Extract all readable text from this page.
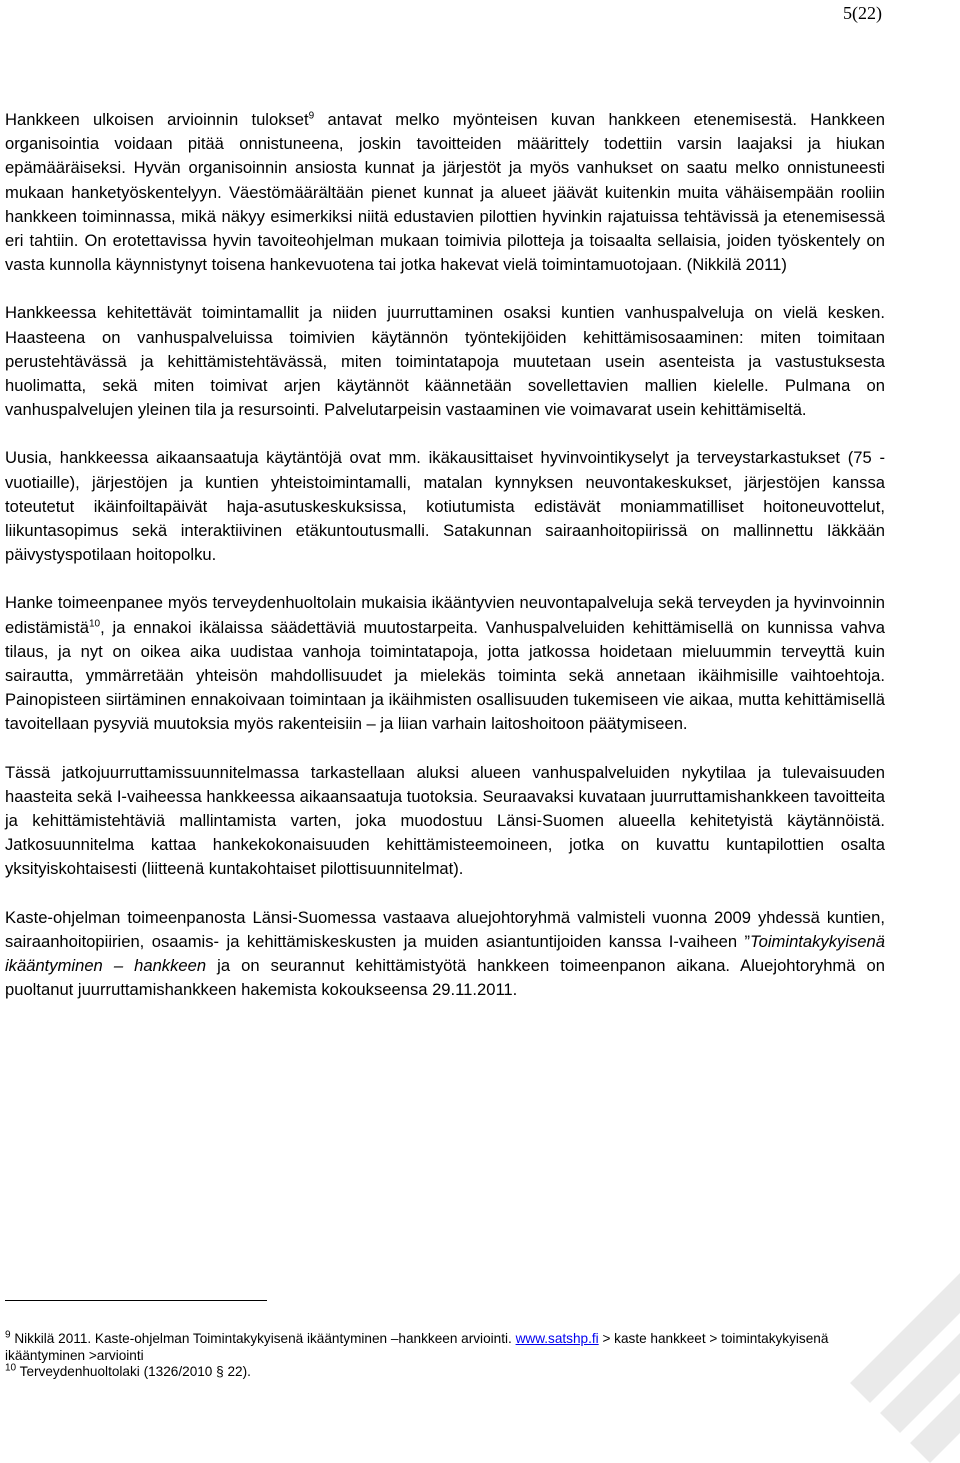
5(22)

Hankkeen ulkoisen arvioinnin tulokset$^9$ antavat melko myönteisen kuvan hankkeen etenemisestä. Hankkeen organisointia voidaan pitää onnistuneena, joskin tavoitteiden määrittely todettiin varsin laajaksi ja hiukan epämääräiseksi. Hyvän organisoinnin ansiosta kunnat ja järjestöt ja myös vanhukset on saatu melko onnistuneesti mukaan hanketyöskentelyyn. Väestömäärältään pienet kunnat ja alueet jäävät kuitenkin muita vähäisempään rooliin hankkeen toiminnassa, mikä näkyy esimerkiksi niitä edustavien pilottien hyvinkin rajatuissa tehtävissä ja etenemisessä eri tahtiin. On erotettavissa hyvin tavoiteohjelman mukaan toimivia pilotteja ja toisaalta sellaisia, joiden työskentely on vasta kunnolla käynnistynyt toisena hankevuotena tai jotka hakevat vielä toimintamuotojaan. (Nikkilä 2011)

Hankkeessa kehitettävät toimintamallit ja niiden juurruttaminen osaksi kuntien vanhuspalveluja on vielä kesken. Haasteena on vanhuspalveluissa toimivien käytännön työntekijöiden kehittämisosaaminen: miten toimitaan perustehtävässä ja kehittämistehtävässä, miten toimintatapoja muutetaan usein asenteista ja vastustuksesta huolimatta, sekä miten toimivat arjen käytännöt käännetään sovellettavien mallien kielelle. Pulmana on vanhuspalvelujen yleinen tila ja resursointi. Palvelutarpeisin vastaaminen vie voimavarat usein kehittämiseltä.

Uusia, hankkeessa aikaansaatuja käytäntöjä ovat mm. ikäkausittaiset hyvinvointikyselyt ja terveystarkastukset (75 -vuotiaille), järjestöjen ja kuntien yhteistoimintamalli, matalan kynnyksen neuvontakeskukset, järjestöjen kanssa toteutetut ikäinfoiltapäivät haja-asutuskeskuksissa, kotiutumista edistävät moniammatilliset hoitoneuvottelut, liikuntasopimus sekä interaktiivinen etäkuntoutusmalli. Satakunnan sairaanhoitopiirissä on mallinnettu Iäkkään päivystyspotilaan hoitopolku.

Hanke toimeenpanee myös terveydenhuoltolain mukaisia ikääntyvien neuvontapalveluja sekä terveyden ja hyvinvoinnin edistämistä$^{10}$, ja ennakoi ikälaissa säädettäviä muutostarpeita. Vanhuspalveluiden kehittämisellä on kunnissa vahva tilaus, ja nyt on oikea aika uudistaa vanhoja toimintatapoja, jotta jatkossa hoidetaan mieluummin terveyttä kuin sairautta, ymmärretään yhteisön mahdollisuudet ja mielekäs toiminta sekä annetaan ikäihmisille vaihtoehtoja. Painopisteen siirtäminen ennakoivaan toimintaan ja ikäihmisten osallisuuden tukemiseen vie aikaa, mutta kehittämisellä tavoitellaan pysyviä muutoksia myös rakenteisiin – ja liian varhain laitoshoitoon päätymiseen.

Tässä jatkojuurruttamissuunnitelmassa tarkastellaan aluksi alueen vanhuspalveluiden nykytilaa ja tulevaisuuden haasteita sekä I-vaiheessa hankkeessa aikaansaatuja tuotoksia. Seuraavaksi kuvataan juurruttamishankkeen tavoitteita ja kehittämistehtäviä mallintamista varten, joka muodostuu Länsi-Suomen alueella kehitetyistä käytännöistä. Jatkosuunnitelma kattaa hankekokonaisuuden kehittämisteemoineen, jotka on kuvattu kuntapilottien osalta yksityiskohtaisesti (liitteenä kuntakohtaiset pilottisuunnitelmat).

Kaste-ohjelman toimeenpanosta Länsi-Suomessa vastaava aluejohtoryhmä valmisteli vuonna 2009 yhdessä kuntien, sairaanhoitopiirien, osaamis- ja kehittämiskeskusten ja muiden asiantuntijoiden kanssa I-vaiheen ”Toimintakykyisenä ikääntyminen – hankkeen ja on seurannut kehittämistyötä hankkeen toimeenpanon aikana. Aluejohtoryhmä on puoltanut juurruttamishankkeen hakemista kokoukseensa 29.11.2011.

$^9$ Nikkilä 2011. Kaste-ohjelman Toimintakykyisenä ikääntyminen –hankkeen arviointi. www.satshp.fi > kaste hankkeet > toimintakykyisenä ikääntyminen >arviointi

$^{10}$ Terveydenhuoltolaki (1326/2010 § 22).
